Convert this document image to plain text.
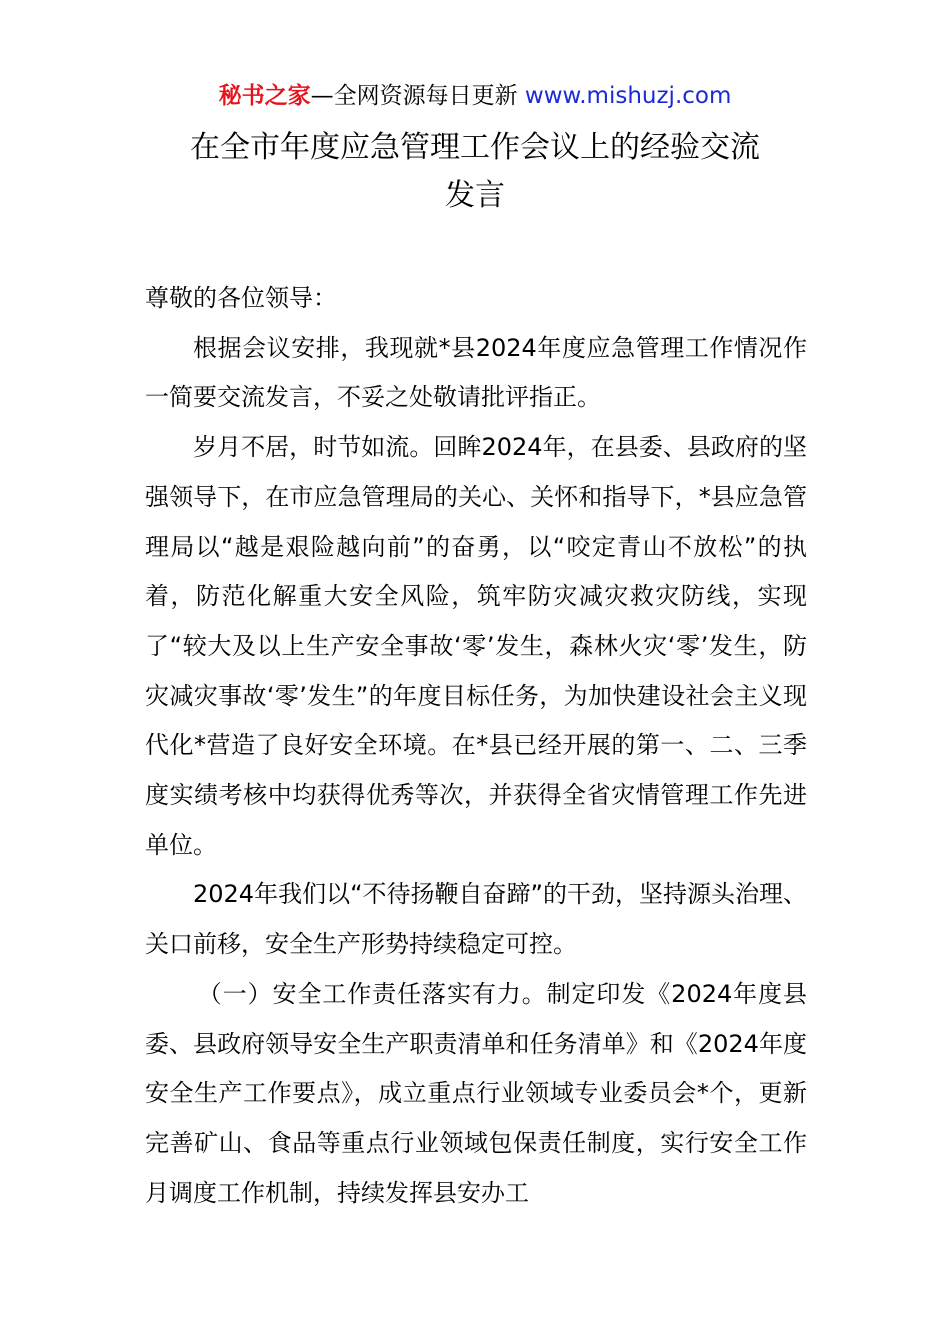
秘书之家—全网资源每日更新 www.mishuzj.com
在全市年度应急管理工作会议上的经验交流
发言

尊敬的各位领导：

根据会议安排，我现就*县2024年度应急管理工作情况作一简要交流发言，不妥之处敬请批评指正。

岁月不居，时节如流。回眸2024年，在县委、县政府的坚强领导下，在市应急管理局的关心、关怀和指导下，*县应急管理局以“越是艰险越向前”的奋勇，以“咬定青山不放松”的执着，防范化解重大安全风险，筑牢防灾减灾救灾防线，实现了“较大及以上生产安全事故‘零’发生，森林火灾‘零’发生，防灾减灾事故‘零’发生”的年度目标任务，为加快建设社会主义现代化*营造了良好安全环境。在*县已经开展的第一、二、三季度实绩考核中均获得优秀等次，并获得全省灾情管理工作先进单位。

2024年我们以“不待扬鞭自奋蹄”的干劲，坚持源头治理、关口前移，安全生产形势持续稳定可控。

（一）安全工作责任落实有力。制定印发《2024年度县委、县政府领导安全生产职责清单和任务清单》和《2024年度安全生产工作要点》，成立重点行业领域专业委员会*个，更新完善矿山、食品等重点行业领域包保责任制度，实行安全工作月调度工作机制，持续发挥县安办工
